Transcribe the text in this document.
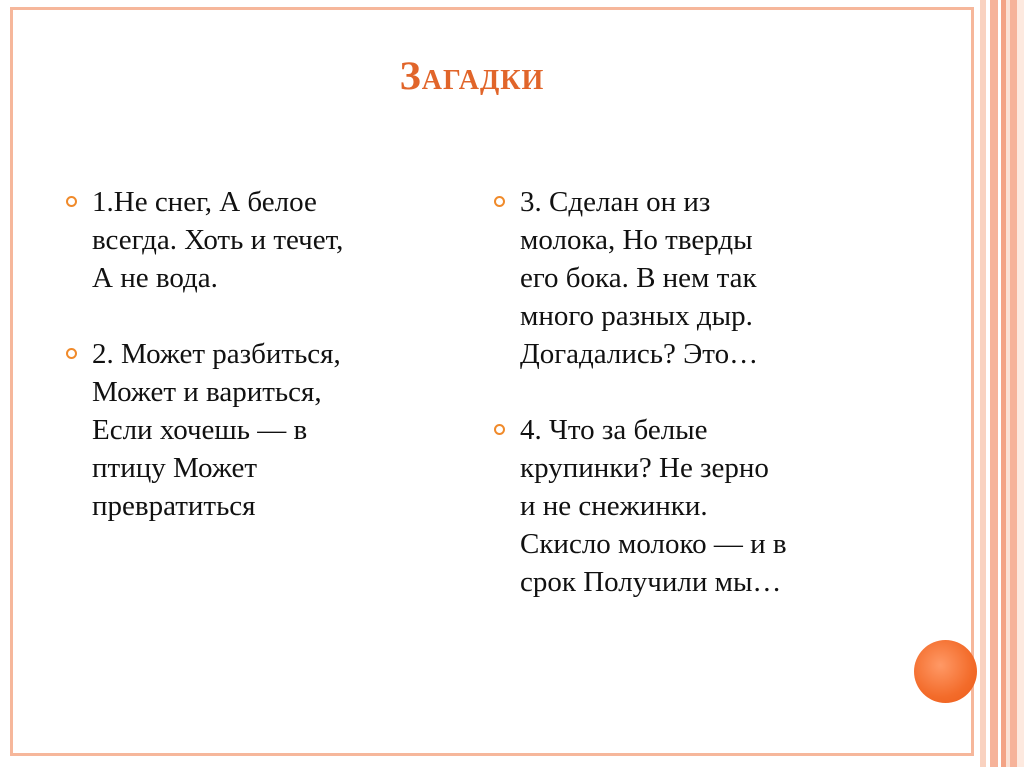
Загадки
1.Не снег, А белое
всегда. Хоть и течет,
А не вода.
2. Может разбиться,
Может и вариться,
Если хочешь — в
птицу Может
превратиться
3. Сделан он из
молока, Но тверды
его бока. В нем так
много разных дыр.
Догадались? Это…
4. Что за белые
крупинки? Не зерно
и не снежинки.
Скисло молоко — и в
срок Получили мы…
